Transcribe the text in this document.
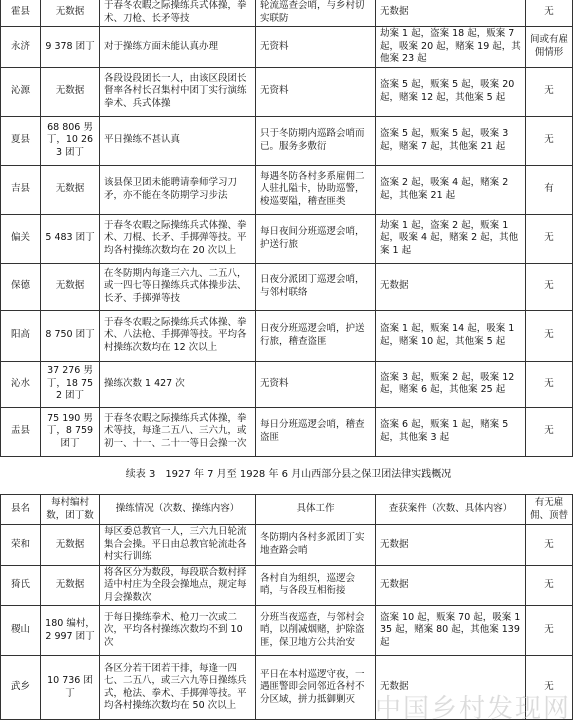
霍县	无数据	于春冬农暇之际操练兵式体操，拳术、刀枪、长矛等技	轮流巡查会哨，与乡村切实联防	无数据	无
永济	9 378 团丁	对于操练方面未能认真办理	无资料	劫案 1 起，盗案 18 起，贩案 7 起，吸案 20 起，赌案 19 起，其他案 23 起	间或有雇佣情形
沁源	无数据	各段设段团长一人，由该区段团长督率各村长召集村中团丁实行演练拳术、兵式体操	无资料	盗案 5 起，贩案 5 起，吸案 20 起，赌案 12 起，其他案 5 起	无
夏县	68 806 男丁，10 263 团丁	平日操练不甚认真	只于冬防期内巡路会哨而已。服务多敷衍	盗案 5 起，贩案 5 起，吸案 3 起，赌案 7 起，其他案 21 起	无
吉县	无数据	该县保卫团未能聘请拳师学习刀矛，亦不能在冬防期学习步法	每遇冬防各村多系雇佣二人驻扎隘卡，协助巡警，梭巡要隘，稽查匪类	盗案 2 起，吸案 4 起，赌案 2 起，其他案 21 起	有
偏关	5 483 团丁	于春冬农暇之际操练兵式体操、拳术、刀棍、长矛、手掷弹等技。平均各村操练次数均在 20 次以上	每日夜间分班巡逻会哨，护送行旅	劫案 1 起，盗案 2 起，贩案 1 起，吸案 4 起，赌案 2 起，其他案 1 起	无
保德	无数据	在冬防期内每逢三六九、二五八，或一四七等日操练兵式体操步法、长矛、手掷弹等技	日夜分派团丁巡逻会哨，与邻村联络	无数据	无
阳高	8 750 团丁	于春冬农暇之际操练兵式体操、拳术、八法枪、手掷弹等技。平均各村操练次数均在 12 次以上	日夜分班巡逻会哨，护送行旅，稽查盗匪	盗案 1 起，贩案 14 起，吸案 1 起，赌案 10 起，其他案 5 起	无
沁水	37 276 男丁，18 752 团丁	操练次数 1 427 次	无资料	盗案 3 起，贩案 2 起，吸案 12 起，赌案 6 起，其他案 25 起	无
盂县	75 190 男丁，8 759 团丁	于春冬农暇之际操练兵式体操，拳术等技，每逢二五八、三六九，或初一、十一、二十一等日会操一次	每日分班巡逻会哨，稽查盗匪	盗案 6 起，贩案 1 起，赌案 5 起，其他案 3 起	无
续表 3　1927 年 7 月至 1928 年 6 月山西部分县之保卫团法律实践概况
县名	每村编村数，团丁数	操练情况（次数、操练内容）	具体工作	查获案件（次数、具体内容）	有无雇佣、顶替
荣和	无数据	每区委总教官一人，三六九日轮流集合会操。平日由总教官轮流赴各村实行训练	冬防期内各村多派团丁实地查路会哨	无数据	无
猗氏	无数据	将各区分为数段，每段联合数村择适中村庄为全段会操地点，规定每月会操数次	各村自为组织，巡逻会哨，与各段互相衔接	无数据	无
稷山	180 编村，2 997 团丁	于每日操练拳术、枪刀一次或二次，平均各村操练次数均不到 10 次	分班当夜巡查，与邻村会哨，以削减烟赌，护除盗匪，保卫地方公共治安	盗案 10 起，贩案 70 起，吸案 135 起，赌案 80 起，其他案 139 起	无
武乡	10 736 团丁	各区分若干团若干排，每逢一四七、二五八，或三六九等日操练兵式，枪法、拳术、手掷弹等技。平均各村操练次数均在 50 次以上	平日在本村巡逻守夜，一遇匪警即会同邻近各村不分区域，拼力抵御剿灭	无数据	无
中国乡村发现网
